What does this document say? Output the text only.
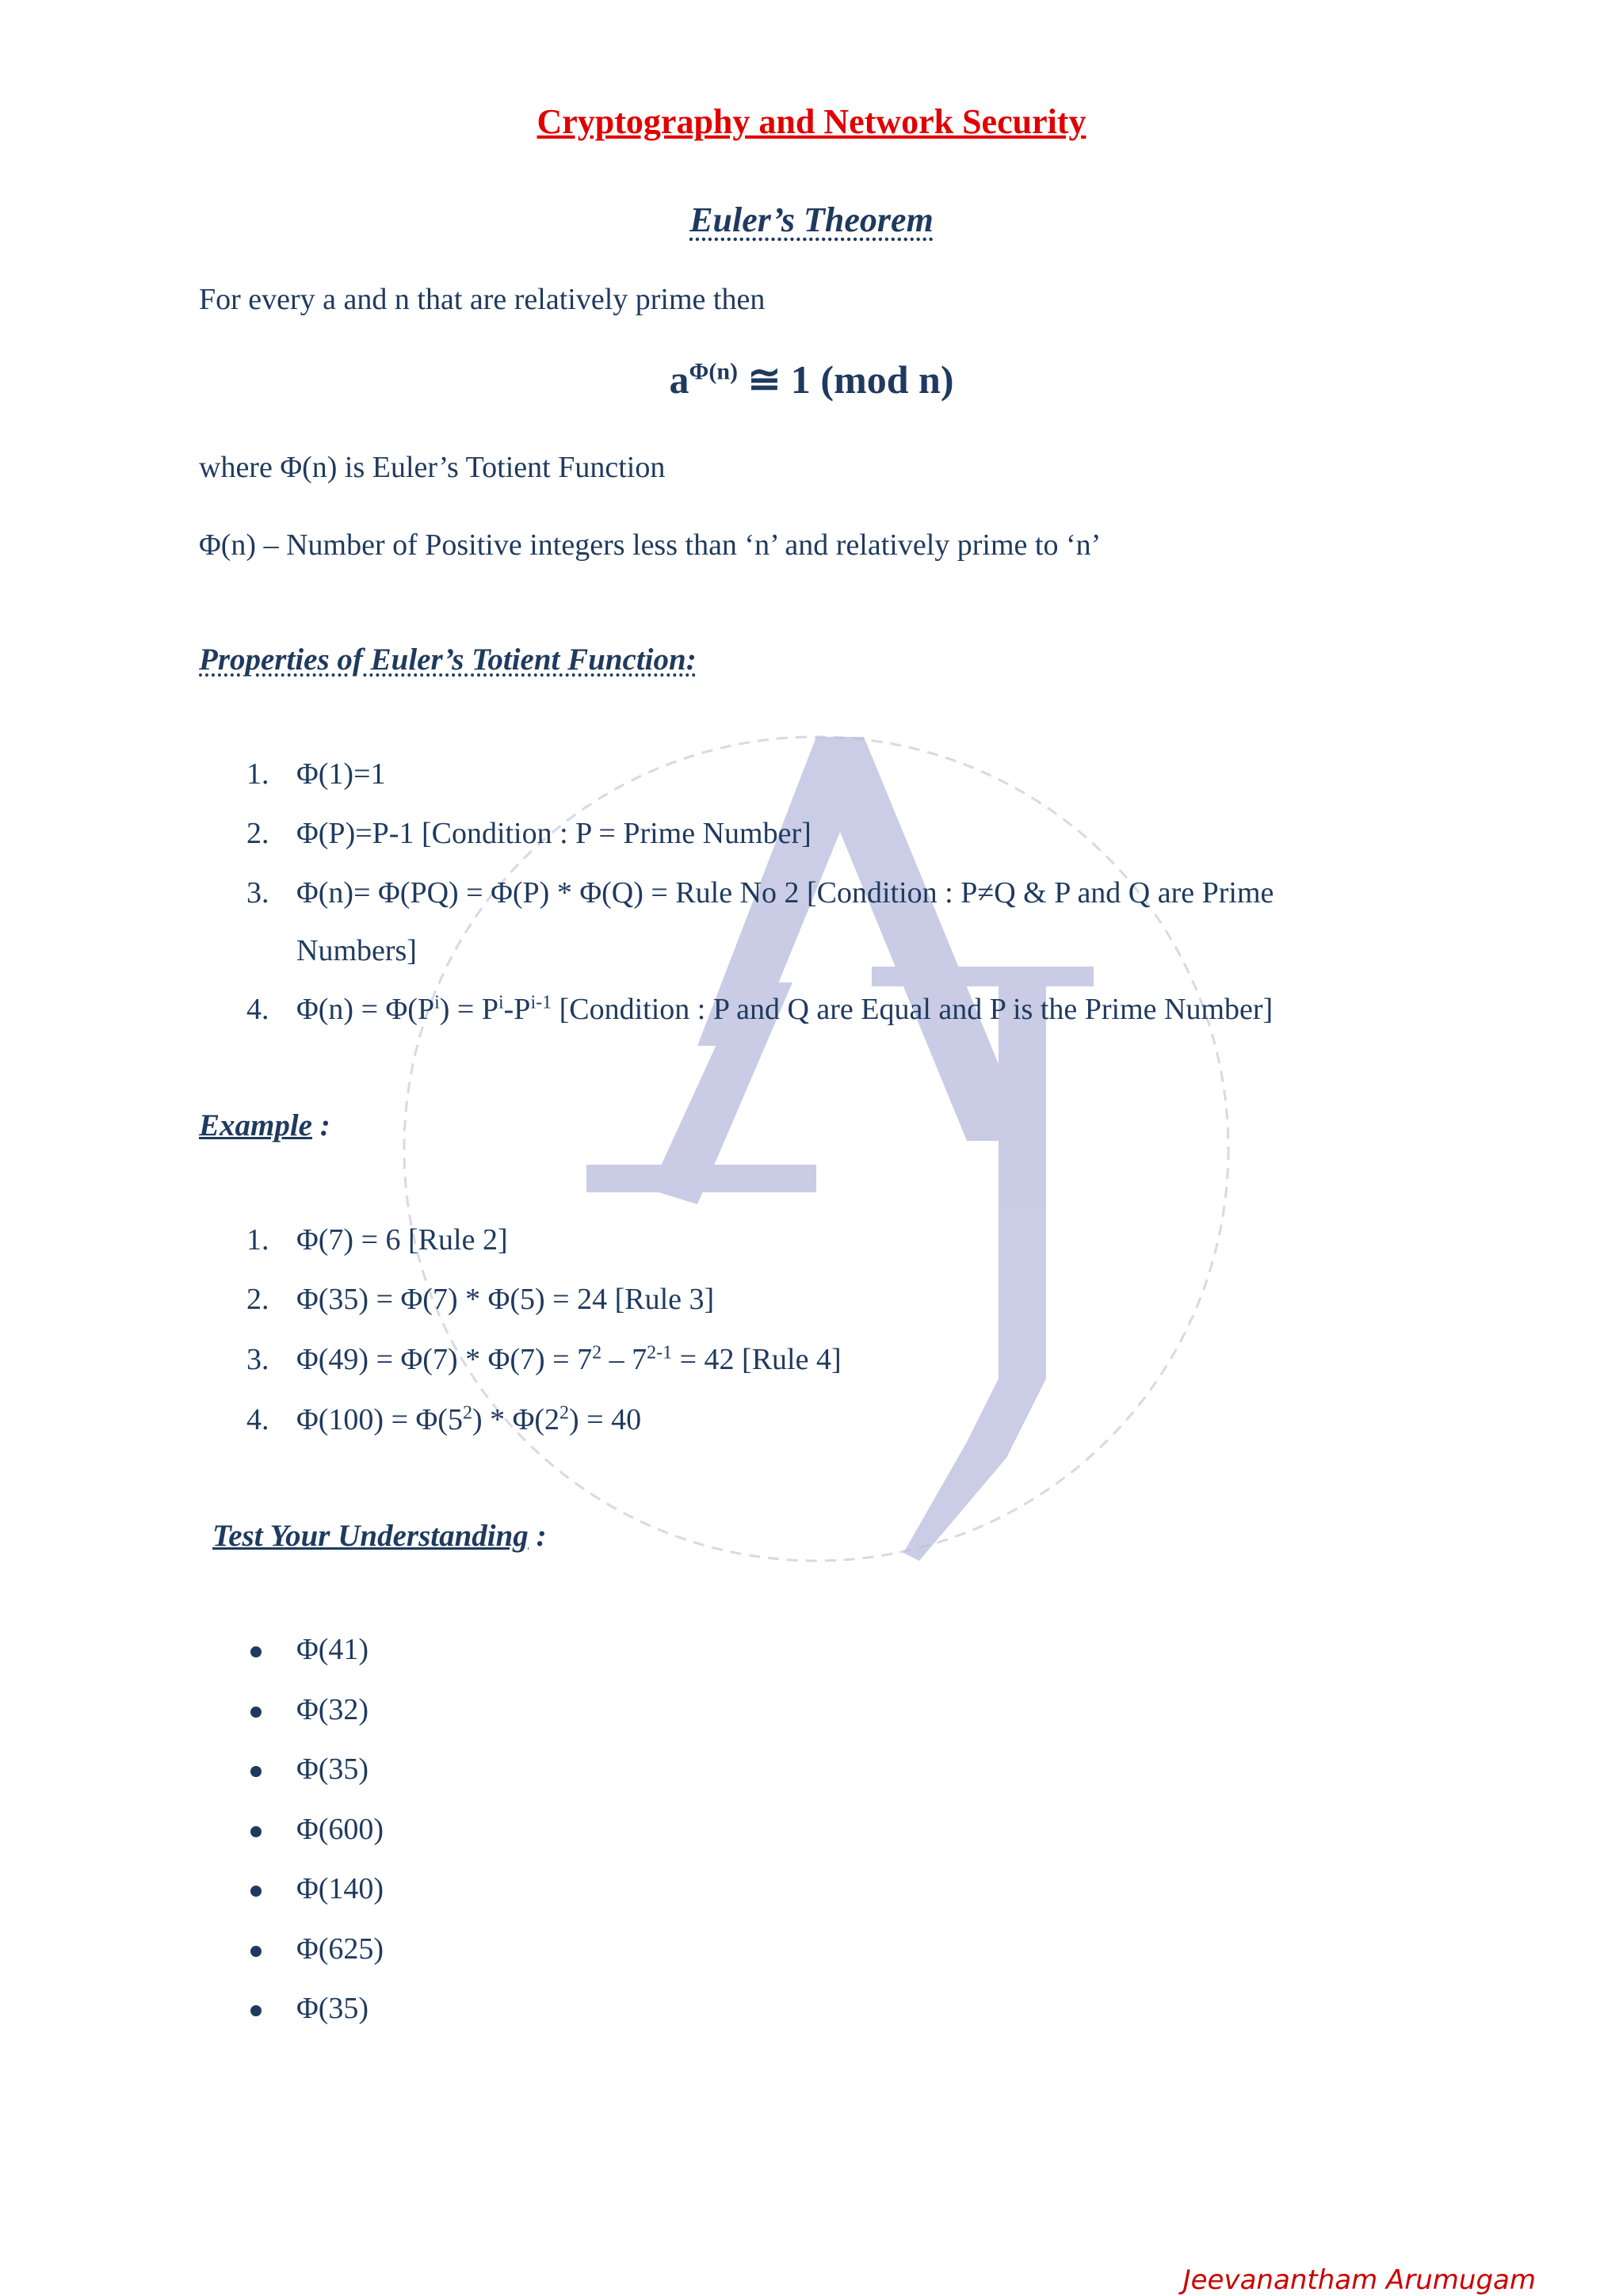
Cryptography and Network Security
Euler’s Theorem
For every a and n that are relatively prime then
$a^{\Phi(n)}$ ≅ 1 (mod n)
where Φ(n) is Euler’s Totient Function
Φ(n) – Number of Positive integers less than ‘n’ and relatively prime to ‘n’
Properties of Euler’s Totient Function:
1. Φ(1)=1
2. Φ(P)=P-1 [Condition : P = Prime Number]
3. Φ(n)= Φ(PQ) = Φ(P) * Φ(Q) = Rule No 2 [Condition : P≠Q & P and Q are Prime
Numbers]
4. $\Phi(n) = \Phi(P^i) = P^i-P^{i-1}$ [Condition : P and Q are Equal and P is the Prime Number]
Example :
1. Φ(7) = 6 [Rule 2]
2. Φ(35) = Φ(7) * Φ(5) = 24 [Rule 3]
3. $\Phi(49) = \Phi(7) * \Phi(7) = 7^2 - 7^{2-1} = 42$ [Rule 4]
4. $\Phi(100) = \Phi(5^2) * \Phi(2^2) = 40$
Test Your Understanding :
Φ(41)
Φ(32)
Φ(35)
Φ(600)
Φ(140)
Φ(625)
Φ(35)
Jeevanantham Arumugam
